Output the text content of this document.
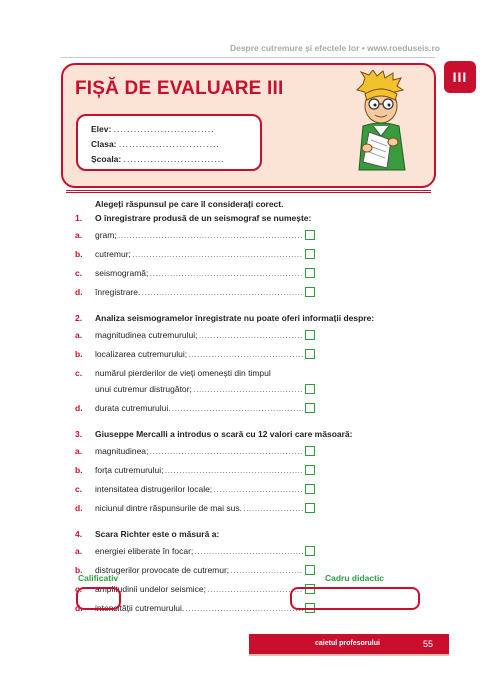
Despre cutremure și efectele lor • www.roeduseis.ro
III
FIȘĂ DE EVALUARE III
Elev: ..............................
Clasa: ..............................
Școala: ..............................
Alegeți răspunsul pe care îl considerați corect.
1.	O înregistrare produsă de un seismograf se numește:
a.	gram; . . .
b.	cutremur; . . .
c.	seismogramă; . . .
d.	înregistrare. . . .
2.	Analiza seismogramelor înregistrate nu poate oferi informații despre:
a.	magnitudinea cutremurului; . . .
b.	localizarea cutremurului; . . .
c.	numărul pierderilor de vieți omenești din timpul
unui cutremur distrugător; . . .
d.	durata cutremurului. . . .
3.	Giuseppe Mercalli a introdus o scară cu 12 valori care măsoară:
a.	magnitudinea; . . .
b.	forța cutremurului; . . .
c.	intensitatea distrugerilor locale; . . .
d.	niciunul dintre răspunsurile de mai sus. . . .
4.	Scara Richter este o măsură a:
a.	energiei eliberate în focar; . . .
b.	distrugerilor provocate de cutremur; . . .
c.	amplitudinii undelor seismice; . . .
d.	intensității cutremurului. . . .
Calificativ	Cadru didactic
caietul profesorului	55
